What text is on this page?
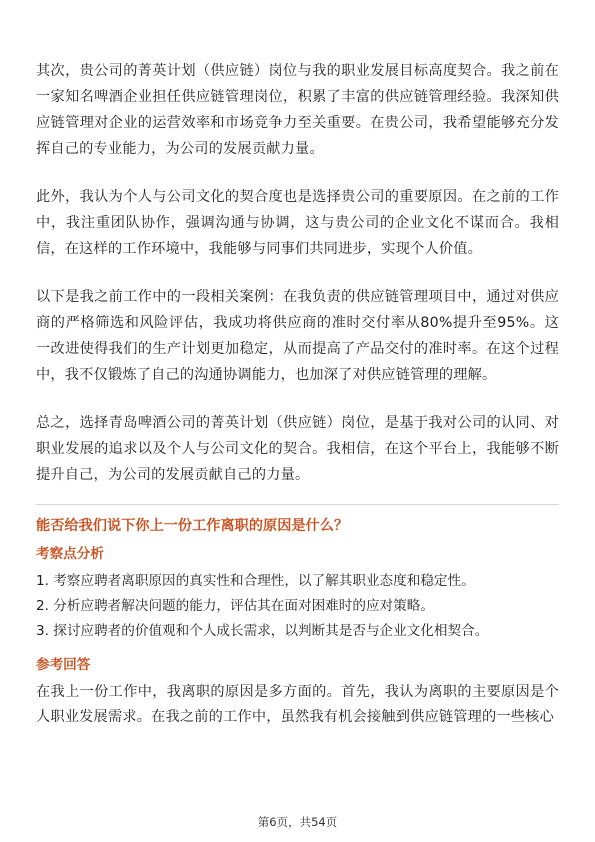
其次，贵公司的菁英计划（供应链）岗位与我的职业发展目标高度契合。我之前在一家知名啤酒企业担任供应链管理岗位，积累了丰富的供应链管理经验。我深知供应链管理对企业的运营效率和市场竞争力至关重要。在贵公司，我希望能够充分发挥自己的专业能力，为公司的发展贡献力量。

此外，我认为个人与公司文化的契合度也是选择贵公司的重要原因。在之前的工作中，我注重团队协作，强调沟通与协调，这与贵公司的企业文化不谋而合。我相信，在这样的工作环境中，我能够与同事们共同进步，实现个人价值。

以下是我之前工作中的一段相关案例：在我负责的供应链管理项目中，通过对供应商的严格筛选和风险评估，我成功将供应商的准时交付率从80%提升至95%。这一改进使得我们的生产计划更加稳定，从而提高了产品交付的准时率。在这个过程中，我不仅锻炼了自己的沟通协调能力，也加深了对供应链管理的理解。

总之，选择青岛啤酒公司的菁英计划（供应链）岗位，是基于我对公司的认同、对职业发展的追求以及个人与公司文化的契合。我相信，在这个平台上，我能够不断提升自己，为公司的发展贡献自己的力量。

能否给我们说下你上一份工作离职的原因是什么？
考察点分析
1. 考察应聘者离职原因的真实性和合理性，以了解其职业态度和稳定性。
2. 分析应聘者解决问题的能力，评估其在面对困难时的应对策略。
3. 探讨应聘者的价值观和个人成长需求，以判断其是否与企业文化相契合。
参考回答

在我上一份工作中，我离职的原因是多方面的。首先，我认为离职的主要原因是个人职业发展需求。在我之前的工作中，虽然我有机会接触到供应链管理的一些核心

第6页，共54页
